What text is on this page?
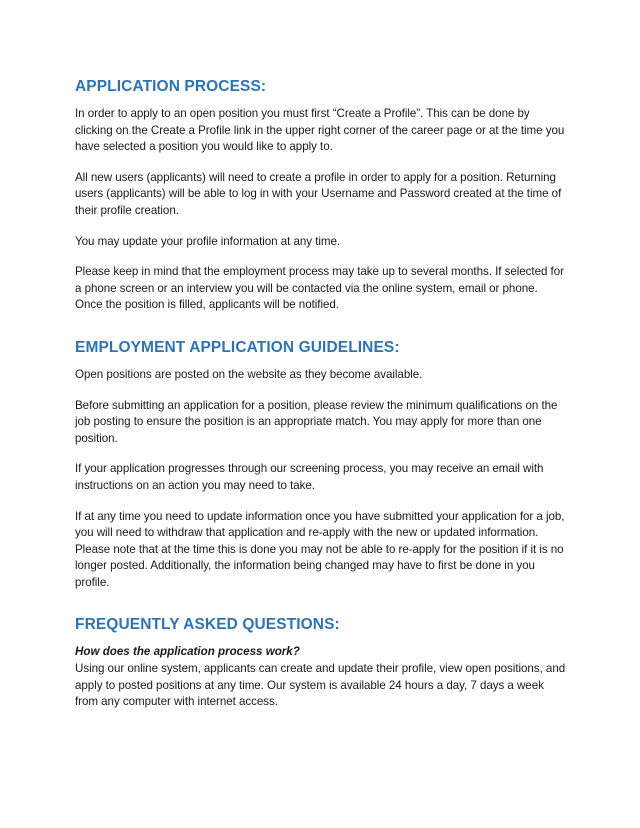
APPLICATION PROCESS:

In order to apply to an open position you must first “Create a Profile”. This can be done by clicking on the Create a Profile link in the upper right corner of the career page or at the time you have selected a position you would like to apply to.

All new users (applicants) will need to create a profile in order to apply for a position. Returning users (applicants) will be able to log in with your Username and Password created at the time of their profile creation.

You may update your profile information at any time.

Please keep in mind that the employment process may take up to several months. If selected for a phone screen or an interview you will be contacted via the online system, email or phone. Once the position is filled, applicants will be notified.

EMPLOYMENT APPLICATION GUIDELINES:

Open positions are posted on the website as they become available.

Before submitting an application for a position, please review the minimum qualifications on the job posting to ensure the position is an appropriate match. You may apply for more than one position.

If your application progresses through our screening process, you may receive an email with instructions on an action you may need to take.

If at any time you need to update information once you have submitted your application for a job, you will need to withdraw that application and re-apply with the new or updated information. Please note that at the time this is done you may not be able to re-apply for the position if it is no longer posted. Additionally, the information being changed may have to first be done in you profile.

FREQUENTLY ASKED QUESTIONS:

How does the application process work?

Using our online system, applicants can create and update their profile, view open positions, and apply to posted positions at any time. Our system is available 24 hours a day, 7 days a week from any computer with internet access.
